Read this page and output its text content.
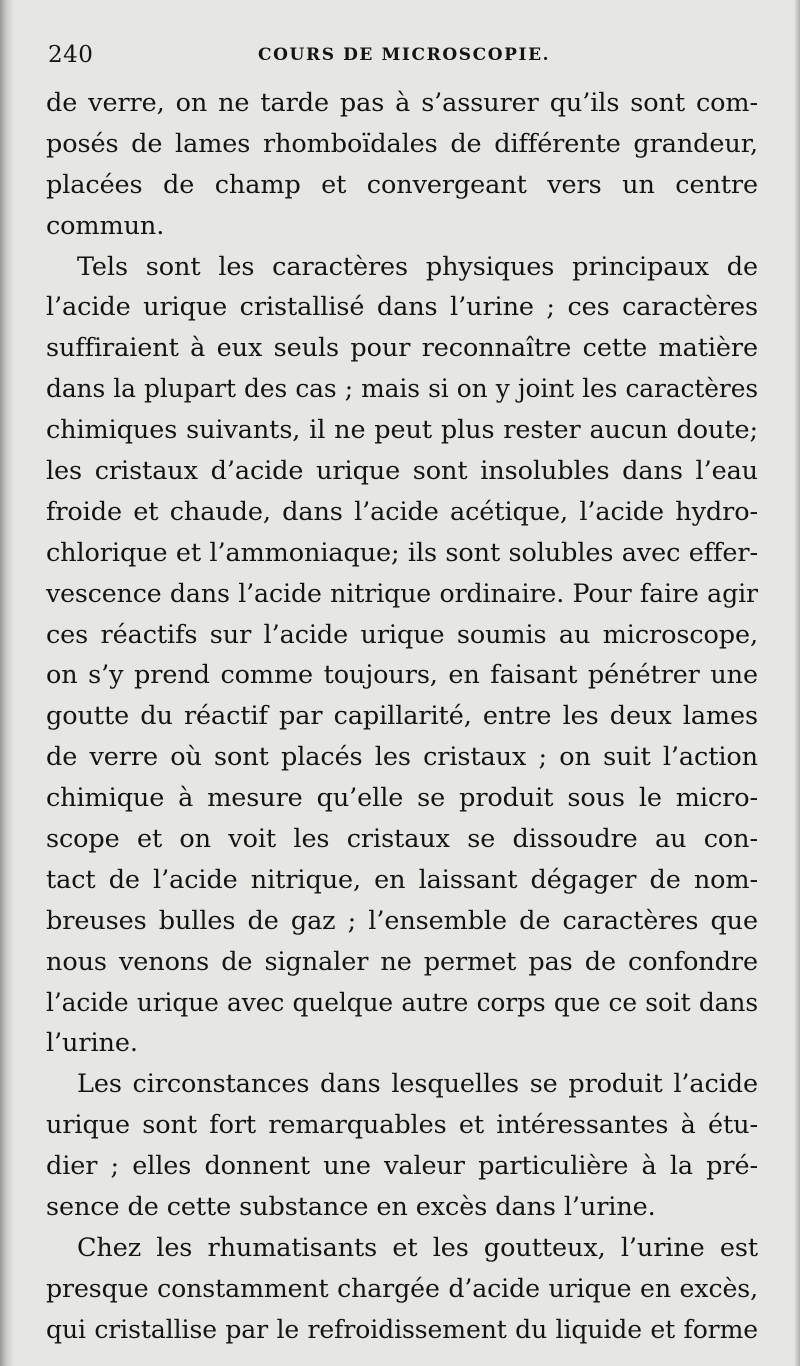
240	COURS DE MICROSCOPIE.
de verre, on ne tarde pas à s’assurer qu’ils sont com-
posés de lames rhomboïdales de différente grandeur,
placées de champ et convergeant vers un centre
commun.
Tels sont les caractères physiques principaux de
l’acide urique cristallisé dans l’urine ; ces caractères
suffiraient à eux seuls pour reconnaître cette matière
dans la plupart des cas ; mais si on y joint les caractères
chimiques suivants, il ne peut plus rester aucun doute;
les cristaux d’acide urique sont insolubles dans l’eau
froide et chaude, dans l’acide acétique, l’acide hydro-
chlorique et l’ammoniaque; ils sont solubles avec effer-
vescence dans l’acide nitrique ordinaire. Pour faire agir
ces réactifs sur l’acide urique soumis au microscope,
on s’y prend comme toujours, en faisant pénétrer une
goutte du réactif par capillarité, entre les deux lames
de verre où sont placés les cristaux ; on suit l’action
chimique à mesure qu’elle se produit sous le micro-
scope et on voit les cristaux se dissoudre au con-
tact de l’acide nitrique, en laissant dégager de nom-
breuses bulles de gaz ; l’ensemble de caractères que
nous venons de signaler ne permet pas de confondre
l’acide urique avec quelque autre corps que ce soit dans
l’urine.
Les circonstances dans lesquelles se produit l’acide
urique sont fort remarquables et intéressantes à étu-
dier ; elles donnent une valeur particulière à la pré-
sence de cette substance en excès dans l’urine.
Chez les rhumatisants et les goutteux, l’urine est
presque constamment chargée d’acide urique en excès,
qui cristallise par le refroidissement du liquide et forme
